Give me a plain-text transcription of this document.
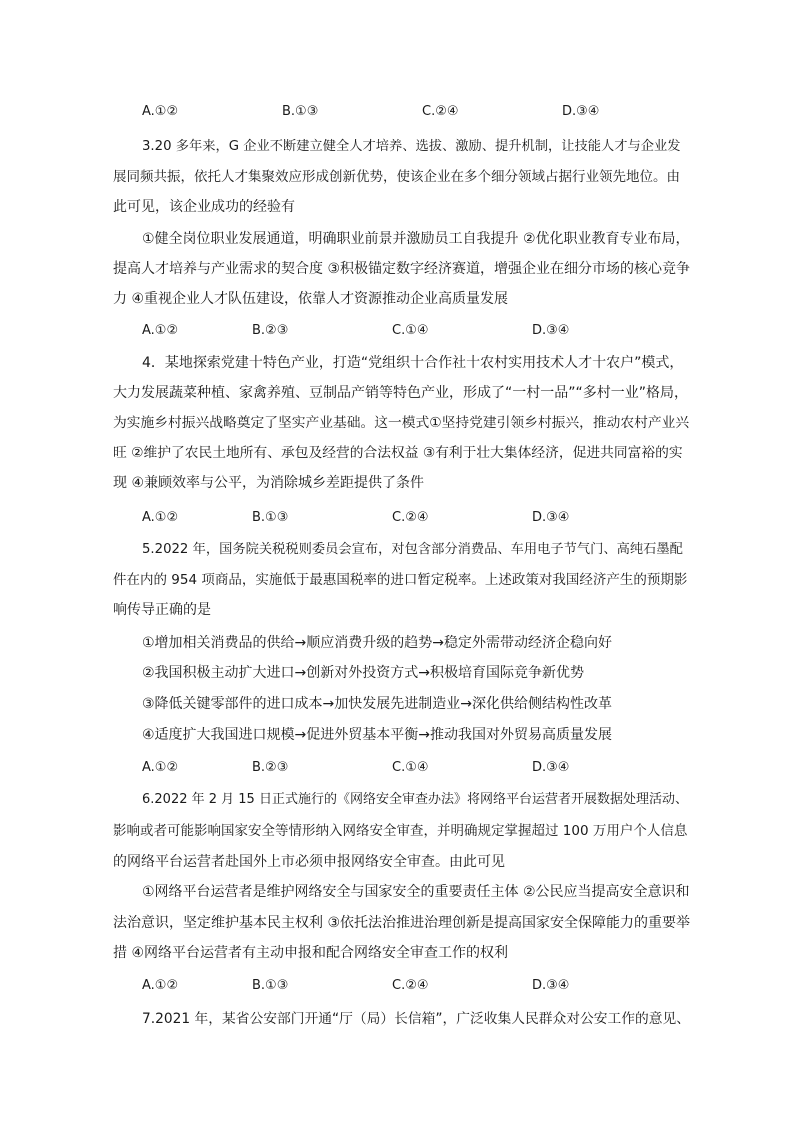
A.①②	B.①③	C.②④	D.③④
3.20 多年来，G 企业不断建立健全人才培养、选拔、激励、提升机制，让技能人才与企业发
展同频共振，依托人才集聚效应形成创新优势，使该企业在多个细分领域占据行业领先地位。由
此可见，该企业成功的经验有
①健全岗位职业发展通道，明确职业前景并激励员工自我提升 ②优化职业教育专业布局，
提高人才培养与产业需求的契合度 ③积极锚定数字经济赛道，增强企业在细分市场的核心竞争
力 ④重视企业人才队伍建设，依靠人才资源推动企业高质量发展
A.①②	B.②③	C.①④	D.③④
4．某地探索党建十特色产业，打造“党组织十合作社十农村实用技术人才十农户”模式，
大力发展蔬菜种植、家禽养殖、豆制品产销等特色产业，形成了“一村一品”“多村一业”格局，
为实施乡村振兴战略奠定了坚实产业基础。这一模式①坚持党建引领乡村振兴，推动农村产业兴
旺 ②维护了农民土地所有、承包及经营的合法权益 ③有利于壮大集体经济，促进共同富裕的实
现 ④兼顾效率与公平，为消除城乡差距提供了条件
A.①②	B.①③	C.②④	D.③④
5.2022 年，国务院关税税则委员会宣布，对包含部分消费品、车用电子节气门、高纯石墨配
件在内的 954 项商品，实施低于最惠国税率的进口暂定税率。上述政策对我国经济产生的预期影
响传导正确的是
①增加相关消费品的供给→顺应消费升级的趋势→稳定外需带动经济企稳向好
②我国积极主动扩大进口→创新对外投资方式→积极培育国际竞争新优势
③降低关键零部件的进口成本→加快发展先进制造业→深化供给侧结构性改革
④适度扩大我国进口规模→促进外贸基本平衡→推动我国对外贸易高质量发展
A.①②	B.②③	C.①④	D.③④
6.2022 年 2 月 15 日正式施行的《网络安全审查办法》将网络平台运营者开展数据处理活动、
影响或者可能影响国家安全等情形纳入网络安全审查，并明确规定掌握超过 100 万用户个人信息
的网络平台运营者赴国外上市必须申报网络安全审查。由此可见
①网络平台运营者是维护网络安全与国家安全的重要责任主体 ②公民应当提高安全意识和
法治意识，坚定维护基本民主权利 ③依托法治推进治理创新是提高国家安全保障能力的重要举
措 ④网络平台运营者有主动申报和配合网络安全审查工作的权利
A.①②	B.①③	C.②④	D.③④
7.2021 年，某省公安部门开通“厅（局）长信箱”，广泛收集人民群众对公安工作的意见、
